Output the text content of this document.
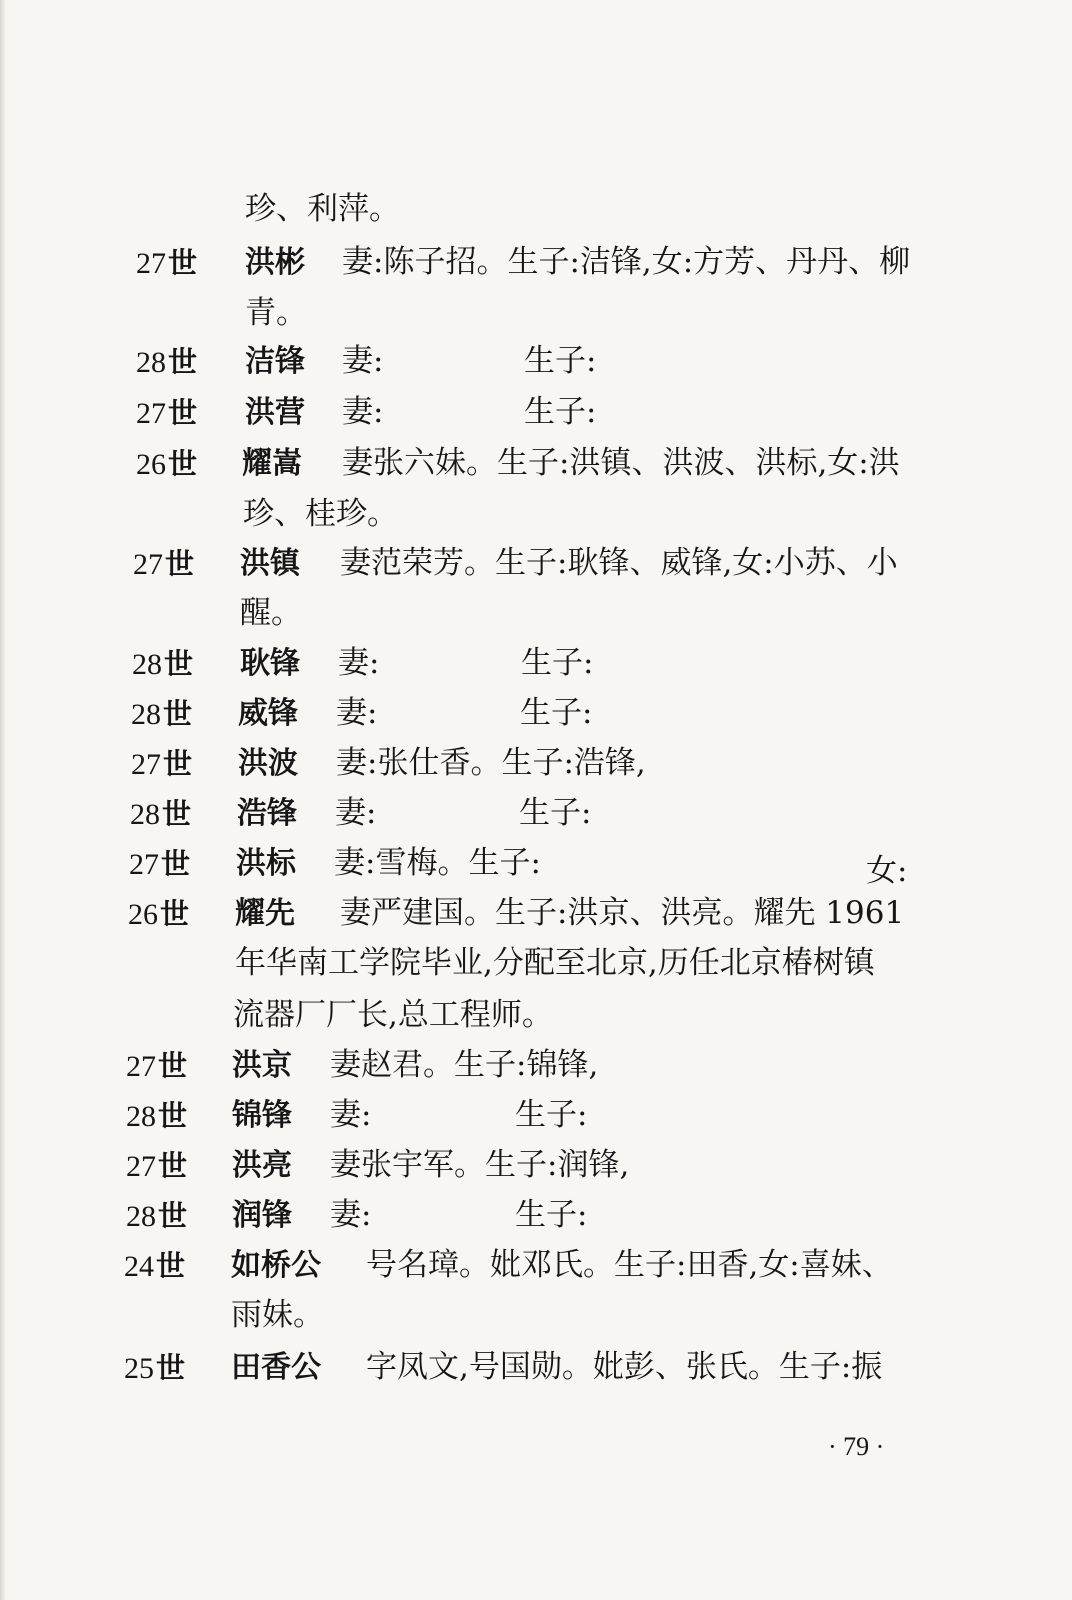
珍、利萍。
27世 洪彬 妻:陈子招。生子:洁锋,女:方芳、丹丹、柳
青。
28世 洁锋 妻:	生子:
27世 洪营 妻:	生子:
26世 耀嵩 妻张六妹。生子:洪镇、洪波、洪标,女:洪
珍、桂珍。
27世 洪镇 妻范荣芳。生子:耿锋、威锋,女:小苏、小
醒。
28世 耿锋 妻:	生子:
28世 威锋 妻:	生子:
27世 洪波 妻:张仕香。生子:浩锋,
28世 浩锋 妻:	生子:
27世 洪标 妻:雪梅。生子:	女:
26世 耀先 妻严建国。生子:洪京、洪亮。耀先 1961
年华南工学院毕业,分配至北京,历任北京椿树镇
流器厂厂长,总工程师。
27世 洪京 妻赵君。生子:锦锋,
28世 锦锋 妻:	生子:
27世 洪亮 妻张宇军。生子:润锋,
28世 润锋 妻:	生子:
24世 如桥公 号名璋。妣邓氏。生子:田香,女:喜妹、
雨妹。
25世 田香公 字凤文,号国勋。妣彭、张氏。生子:振
· 79 ·
